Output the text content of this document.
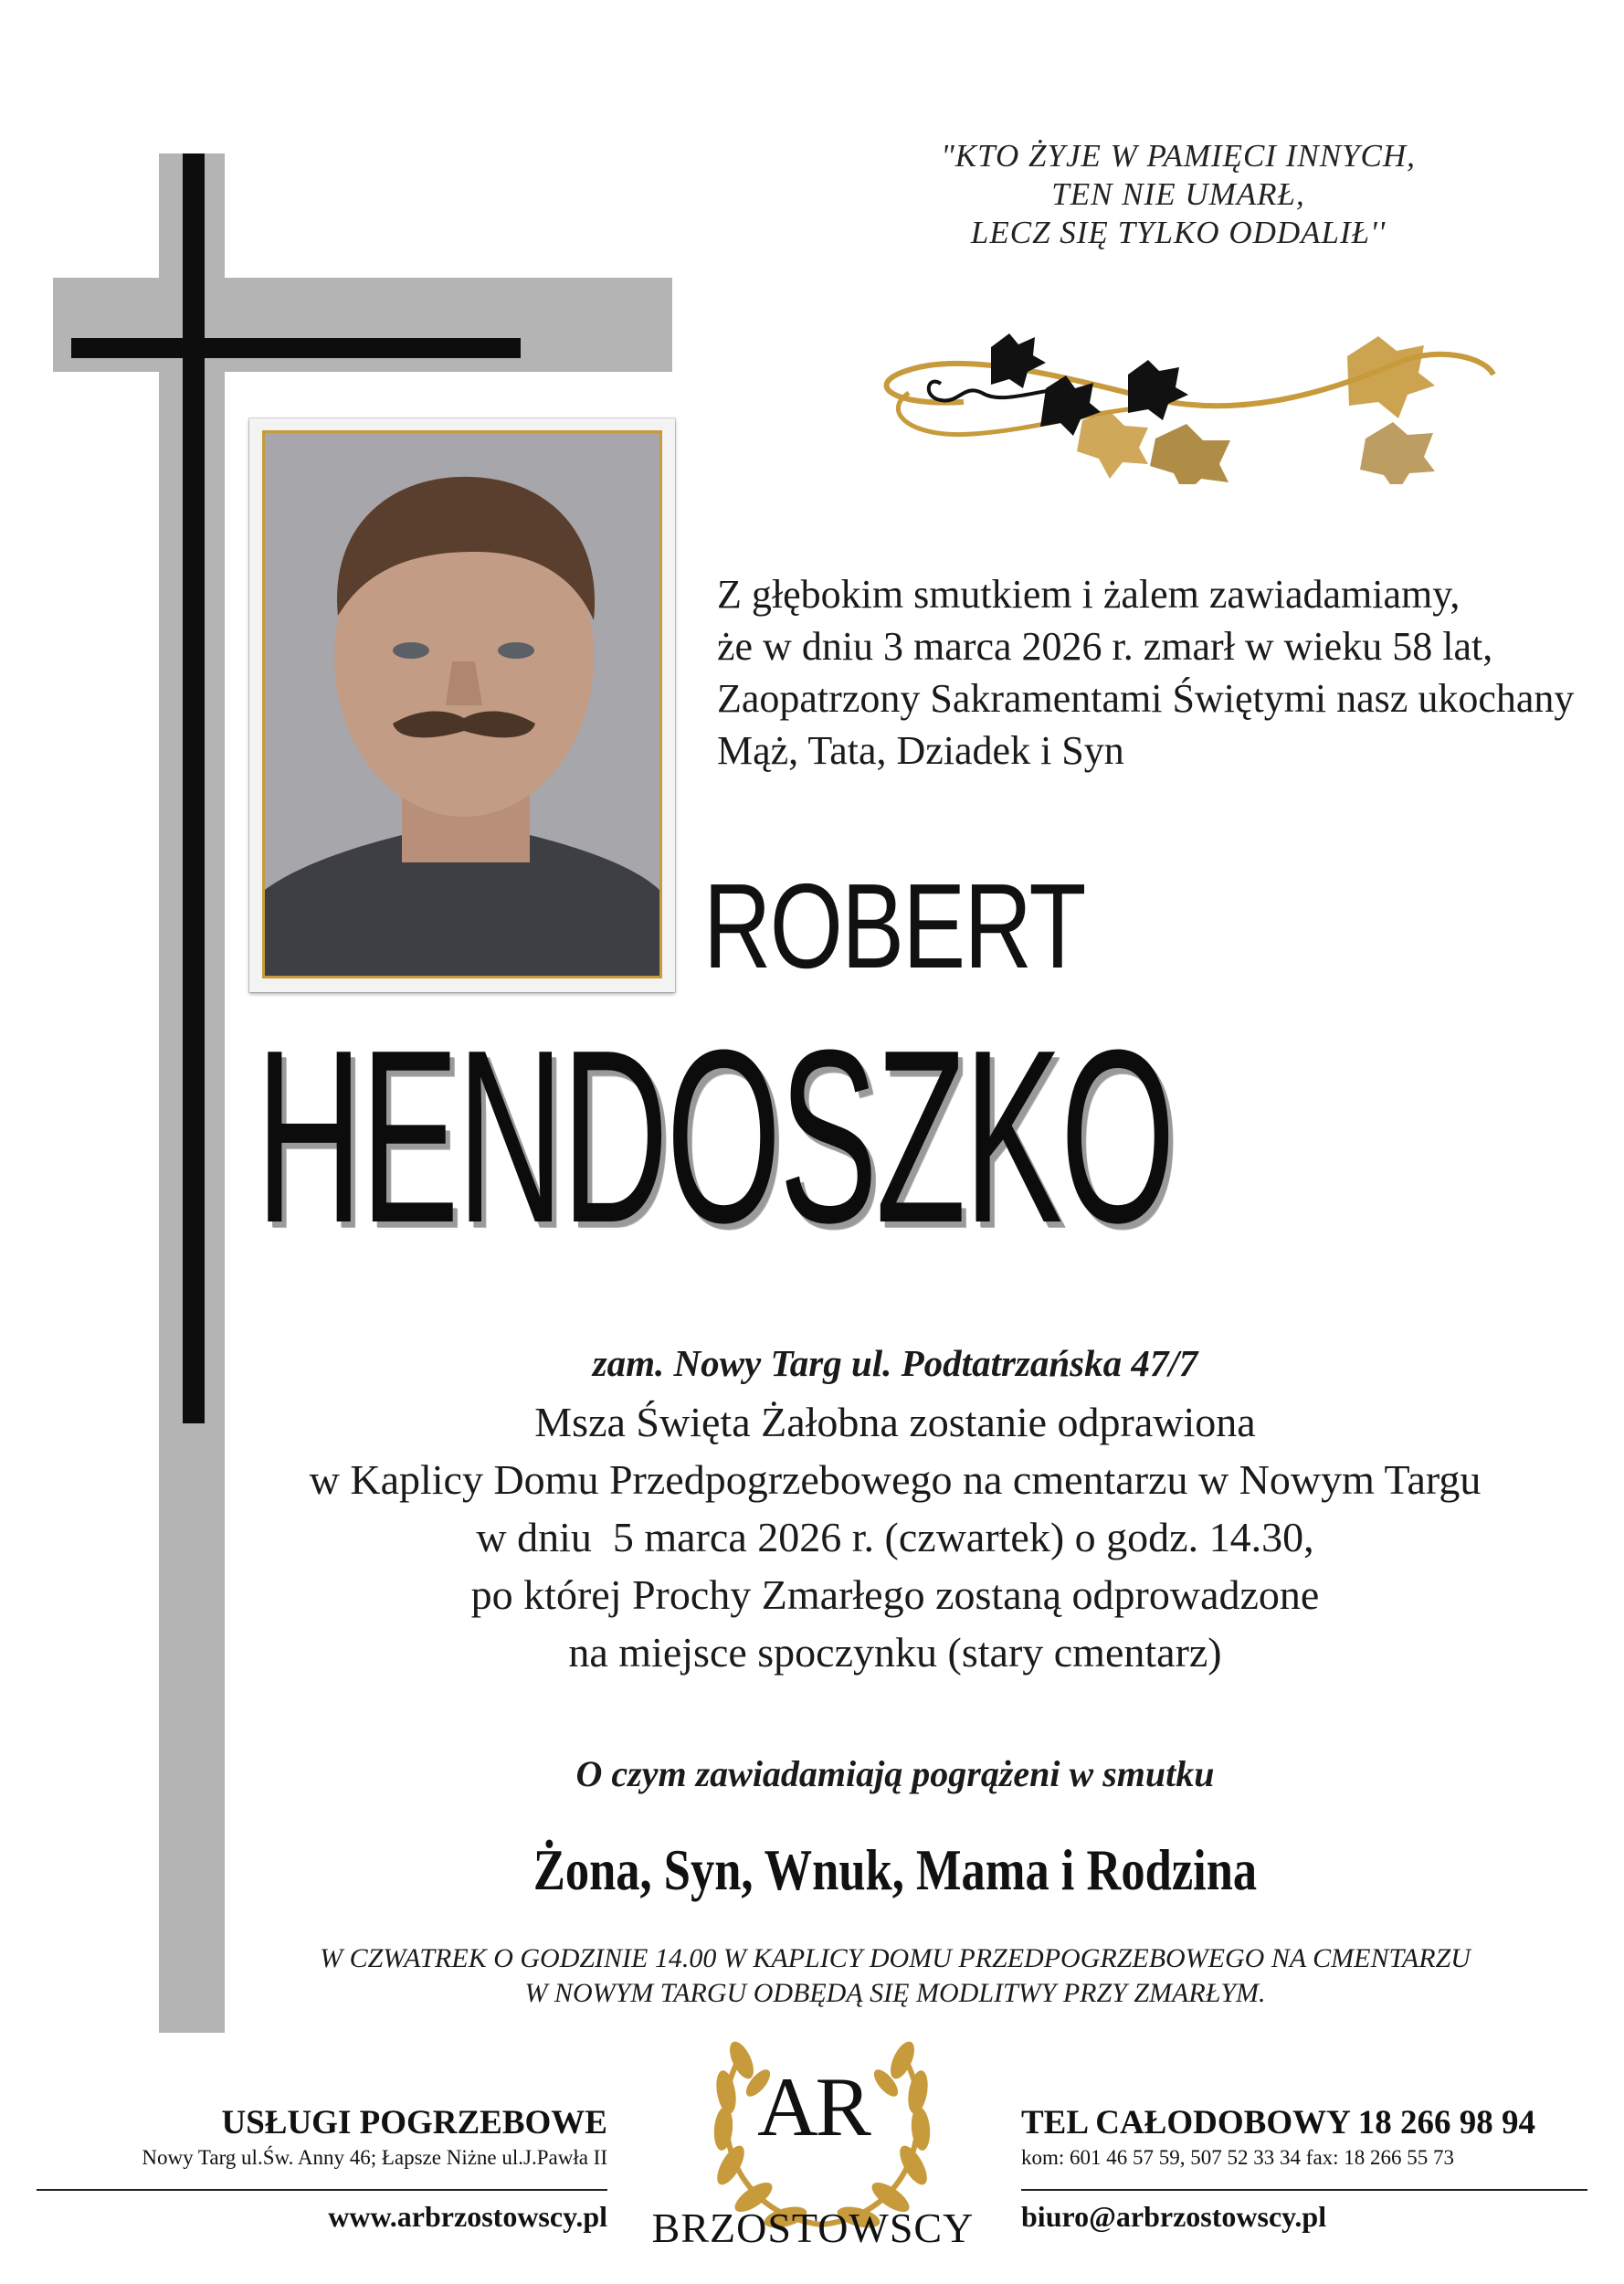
"KTO ŻYJE W PAMIĘCI INNYCH,
TEN NIE UMARŁ,
LECZ SIĘ TYLKO ODDALIŁ''
Z głębokim smutkiem i żalem zawiadamiamy,
że w dniu 3 marca 2026 r. zmarł w wieku 58 lat,
Zaopatrzony Sakramentami Świętymi nasz ukochany
Mąż, Tata, Dziadek i Syn
ROBERT
HENDOSZKO
zam. Nowy Targ ul. Podtatrzańska 47/7
Msza Święta Żałobna zostanie odprawiona
w Kaplicy Domu Przedpogrzebowego na cmentarzu w Nowym Targu
w dniu  5 marca 2026 r. (czwartek) o godz. 14.30,
po której Prochy Zmarłego zostaną odprowadzone
na miejsce spoczynku (stary cmentarz)
O czym zawiadamiają pogrążeni w smutku
Żona, Syn, Wnuk, Mama i Rodzina
W CZWATREK O GODZINIE 14.00 W KAPLICY DOMU PRZEDPOGRZEBOWEGO NA CMENTARZU
W NOWYM TARGU ODBĘDĄ SIĘ MODLITWY PRZY ZMARŁYM.
USŁUGI POGRZEBOWE
Nowy Targ ul.Św. Anny 46; Łapsze Niżne ul.J.Pawła II
www.arbrzostowscy.pl
AR
BRZOSTOWSCY
TEL CAŁODOBOWY 18 266 98 94
kom: 601 46 57 59, 507 52 33 34 fax: 18 266 55 73
biuro@arbrzostowscy.pl
